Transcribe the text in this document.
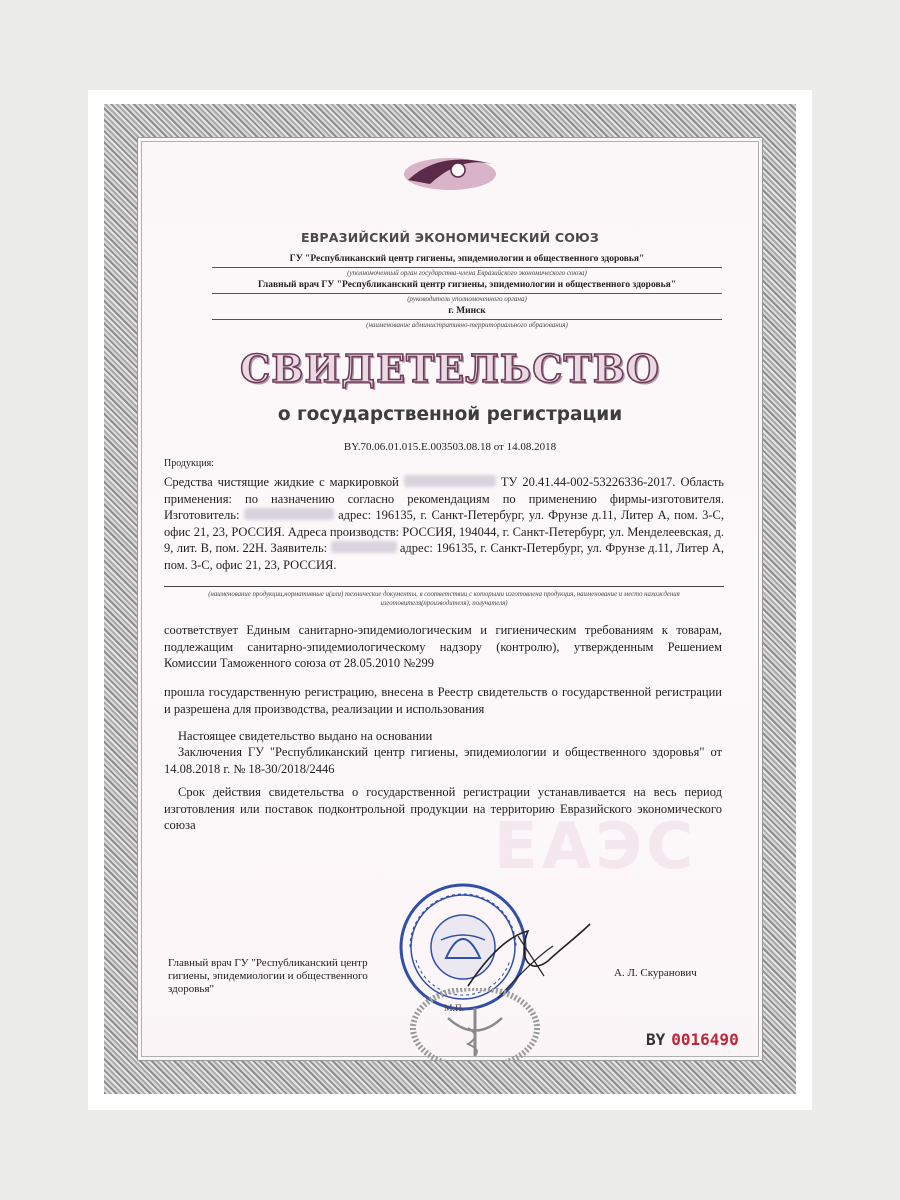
ЕВРАЗИЙСКИЙ ЭКОНОМИЧЕСКИЙ СОЮЗ
ГУ "Республиканский центр гигиены, эпидемиологии и общественного здоровья"
(уполномоченный орган государства-члена Евразийского экономического союза)
Главный врач ГУ "Республиканский центр гигиены, эпидемиологии и общественного здоровья"
(руководитель уполномоченного органа)
г. Минск
(наименование административно-территориального образования)
СВИДЕТЕЛЬСТВО
о государственной регистрации
BY.70.06.01.015.E.003503.08.18 от 14.08.2018
Продукция:
Средства чистящие жидкие с маркировкой	ТУ 20.41.44-002-53226336-2017. Область применения: по назначению согласно рекомендациям по применению фирмы-изготовителя. Изготовитель:	адрес: 196135, г. Санкт-Петербург, ул. Фрунзе д.11, Литер А, пом. 3-С, офис 21, 23, РОССИЯ. Адреса производств: РОССИЯ, 194044, г. Санкт-Петербург, ул. Менделеевская, д. 9, лит. В, пом. 22Н. Заявитель:	адрес: 196135, г. Санкт-Петербург, ул. Фрунзе д.11, Литер А, пом. 3-С, офис 21, 23, РОССИЯ.
(наименование продукции,нормативные и(или) технические документы, в соответствии с которыми изготовлена продукция, наименование и место нахождения изготовителя(производителя), получателя)
соответствует Единым санитарно-эпидемиологическим и гигиеническим требованиям к товарам, подлежащим санитарно-эпидемиологическому надзору (контролю), утвержденным Решением Комиссии Таможенного союза от 28.05.2010 №299
прошла государственную регистрацию, внесена в Реестр свидетельств о государственной регистрации и разрешена для производства, реализации и использования
Настоящее свидетельство выдано на основании
Заключения ГУ "Республиканский центр гигиены, эпидемиологии и общественного здоровья" от 14.08.2018 г. № 18-30/2018/2446
Срок действия свидетельства о государственной регистрации устанавливается на весь период изготовления или поставок подконтрольной продукции на территорию Евразийского экономического союза	ЕАЭС
Главный врач ГУ "Республиканский центр гигиены, эпидемиологии и общественного здоровья"
А. Л. Скуранович
М.П.
BY 0016490
